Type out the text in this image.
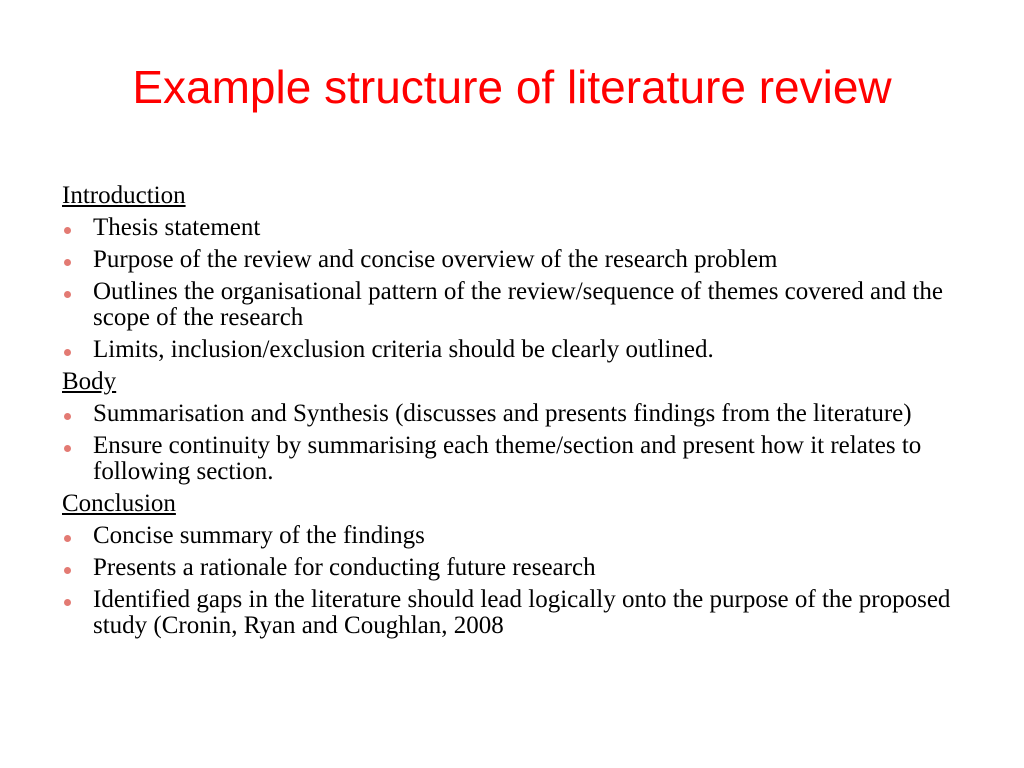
Example structure of literature review
Introduction
Thesis statement
Purpose of the review and concise overview of the research problem
Outlines the organisational pattern of the review/sequence of themes covered and the scope of the research
Limits, inclusion/exclusion criteria should be clearly outlined.
Body
Summarisation and Synthesis (discusses and presents findings from the literature)
Ensure continuity by summarising each theme/section and present how it relates to following section.
Conclusion
Concise summary of the findings
Presents a rationale for conducting future research
Identified gaps in the literature should lead logically onto the purpose of the proposed study (Cronin, Ryan and Coughlan, 2008
